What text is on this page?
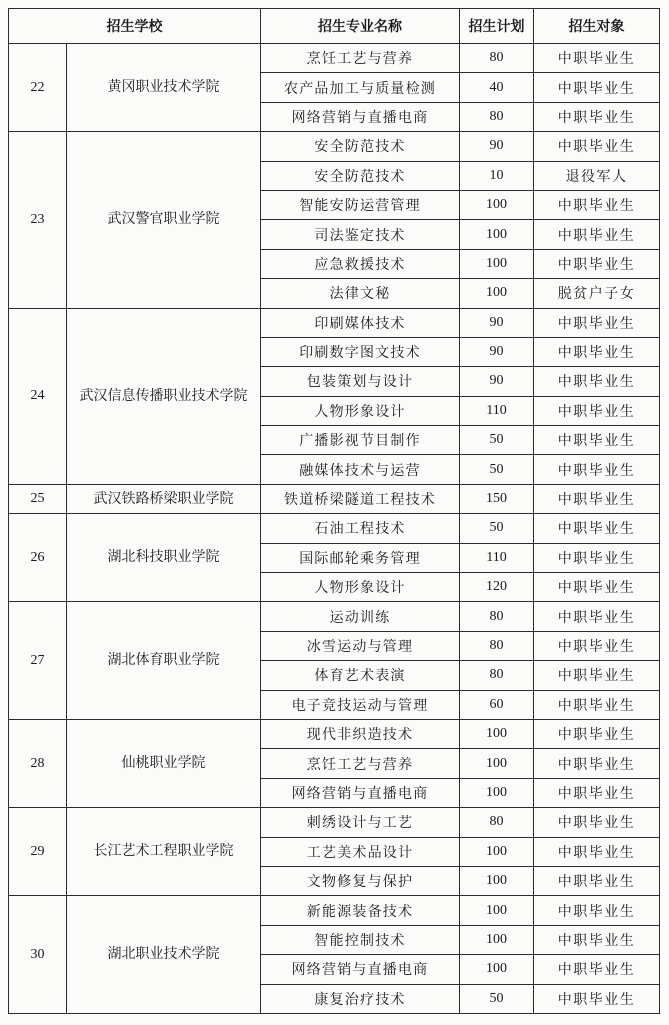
招生学校		招生专业名称	招生计划	招生对象
22	黄冈职业技术学院	烹饪工艺与营养	80	中职毕业生
		农产品加工与质量检测	40	中职毕业生
		网络营销与直播电商	80	中职毕业生
23	武汉警官职业学院	安全防范技术	90	中职毕业生
		安全防范技术	10	退役军人
		智能安防运营管理	100	中职毕业生
		司法鉴定技术	100	中职毕业生
		应急救援技术	100	中职毕业生
		法律文秘	100	脱贫户子女
24	武汉信息传播职业技术学院	印刷媒体技术	90	中职毕业生
		印刷数字图文技术	90	中职毕业生
		包装策划与设计	90	中职毕业生
		人物形象设计	110	中职毕业生
		广播影视节目制作	50	中职毕业生
		融媒体技术与运营	50	中职毕业生
25	武汉铁路桥梁职业学院	铁道桥梁隧道工程技术	150	中职毕业生
26	湖北科技职业学院	石油工程技术	50	中职毕业生
		国际邮轮乘务管理	110	中职毕业生
		人物形象设计	120	中职毕业生
27	湖北体育职业学院	运动训练	80	中职毕业生
		冰雪运动与管理	80	中职毕业生
		体育艺术表演	80	中职毕业生
		电子竞技运动与管理	60	中职毕业生
28	仙桃职业学院	现代非织造技术	100	中职毕业生
		烹饪工艺与营养	100	中职毕业生
		网络营销与直播电商	100	中职毕业生
29	长江艺术工程职业学院	刺绣设计与工艺	80	中职毕业生
		工艺美术品设计	100	中职毕业生
		文物修复与保护	100	中职毕业生
30	湖北职业技术学院	新能源装备技术	100	中职毕业生
		智能控制技术	100	中职毕业生
		网络营销与直播电商	100	中职毕业生
		康复治疗技术	50	中职毕业生
